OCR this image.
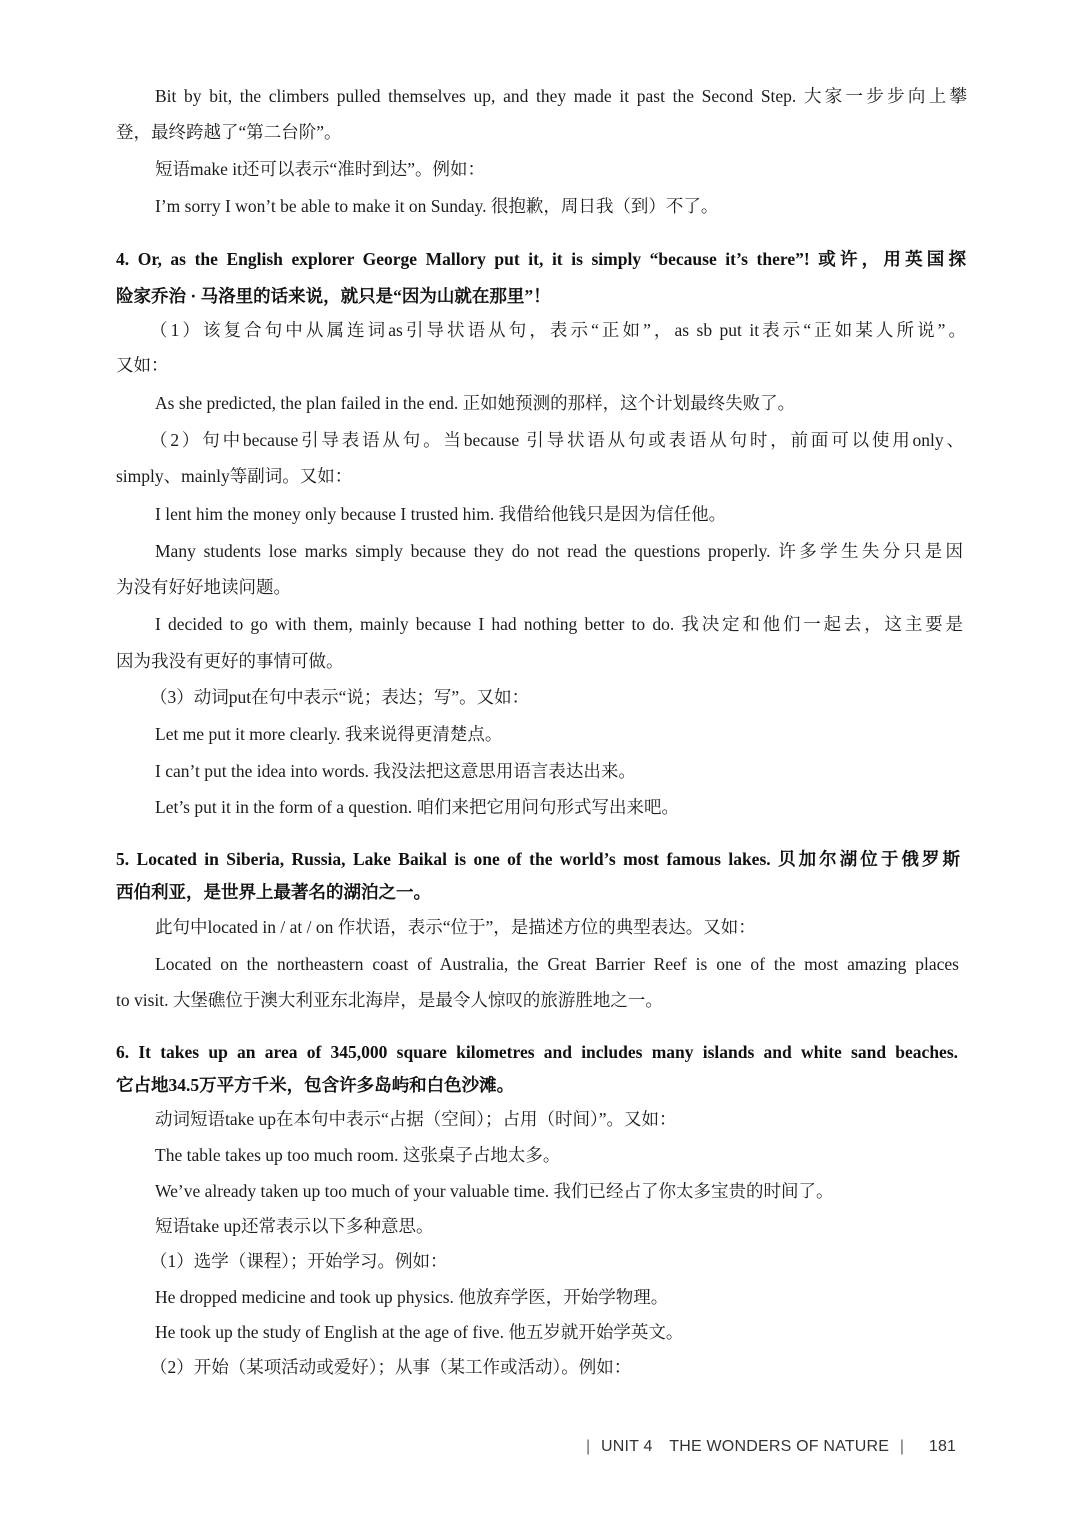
Bit by bit, the climbers pulled themselves up, and they made it past the Second Step. 大家一步步向上攀
登，最终跨越了“第二台阶”。
短语make it还可以表示“准时到达”。例如：
I’m sorry I won’t be able to make it on Sunday. 很抱歉，周日我（到）不了。
4. Or, as the English explorer George Mallory put it, it is simply “because it’s there”! 或许，用英国探
险家乔治 · 马洛里的话来说，就只是“因为山就在那里”！
（1）该复合句中从属连词as引导状语从句，表示“正如”，as sb put it表示“正如某人所说”。
又如：
As she predicted, the plan failed in the end. 正如她预测的那样，这个计划最终失败了。
（2）句中because引导表语从句。当because 引导状语从句或表语从句时，前面可以使用only、
simply、mainly等副词。又如：
I lent him the money only because I trusted him. 我借给他钱只是因为信任他。
Many students lose marks simply because they do not read the questions properly. 许多学生失分只是因
为没有好好地读问题。
I decided to go with them, mainly because I had nothing better to do. 我决定和他们一起去，这主要是
因为我没有更好的事情可做。
（3）动词put在句中表示“说；表达；写”。又如：
Let me put it more clearly. 我来说得更清楚点。
I can’t put the idea into words. 我没法把这意思用语言表达出来。
Let’s put it in the form of a question. 咱们来把它用问句形式写出来吧。
5. Located in Siberia, Russia, Lake Baikal is one of the world’s most famous lakes. 贝加尔湖位于俄罗斯
西伯利亚，是世界上最著名的湖泊之一。
此句中located in / at / on 作状语，表示“位于”，是描述方位的典型表达。又如：
Located on the northeastern coast of Australia, the Great Barrier Reef is one of the most amazing places
to visit. 大堡礁位于澳大利亚东北海岸，是最令人惊叹的旅游胜地之一。
6. It takes up an area of 345,000 square kilometres and includes many islands and white sand beaches.
它占地34.5万平方千米，包含许多岛屿和白色沙滩。
动词短语take up在本句中表示“占据（空间）；占用（时间）”。又如：
The table takes up too much room. 这张桌子占地太多。
We’ve already taken up too much of your valuable time. 我们已经占了你太多宝贵的时间了。
短语take up还常表示以下多种意思。
（1）选学（课程）；开始学习。例如：
He dropped medicine and took up physics. 他放弃学医，开始学物理。
He took up the study of English at the age of five. 他五岁就开始学英文。
（2）开始（某项活动或爱好）；从事（某工作或活动）。例如：
| UNIT 4 THE WONDERS OF NATURE | 181
